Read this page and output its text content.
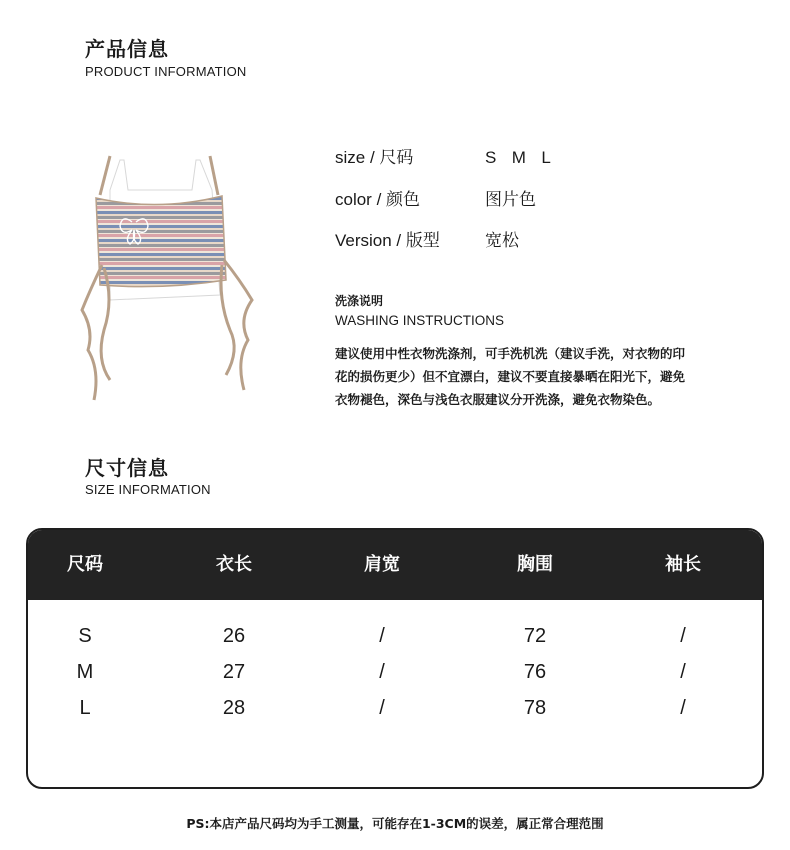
产品信息
PRODUCT INFORMATION
size / 尺码	S  M  L
color / 颜色	图片色
Version / 版型	宽松
洗涤说明
WASHING INSTRUCTIONS
建议使用中性衣物洗涤剂，可手洗机洗（建议手洗，对衣物的印
花的损伤更少）但不宜漂白，建议不要直接暴晒在阳光下，避免
衣物褪色，深色与浅色衣服建议分开洗涤，避免衣物染色。
尺寸信息
SIZE INFORMATION
尺码	衣长	肩宽	胸围	袖长
S	26	/	72	/
M	27	/	76	/
L	28	/	78	/
PS:本店产品尺码均为手工测量，可能存在1-3CM的误差，属正常合理范围
